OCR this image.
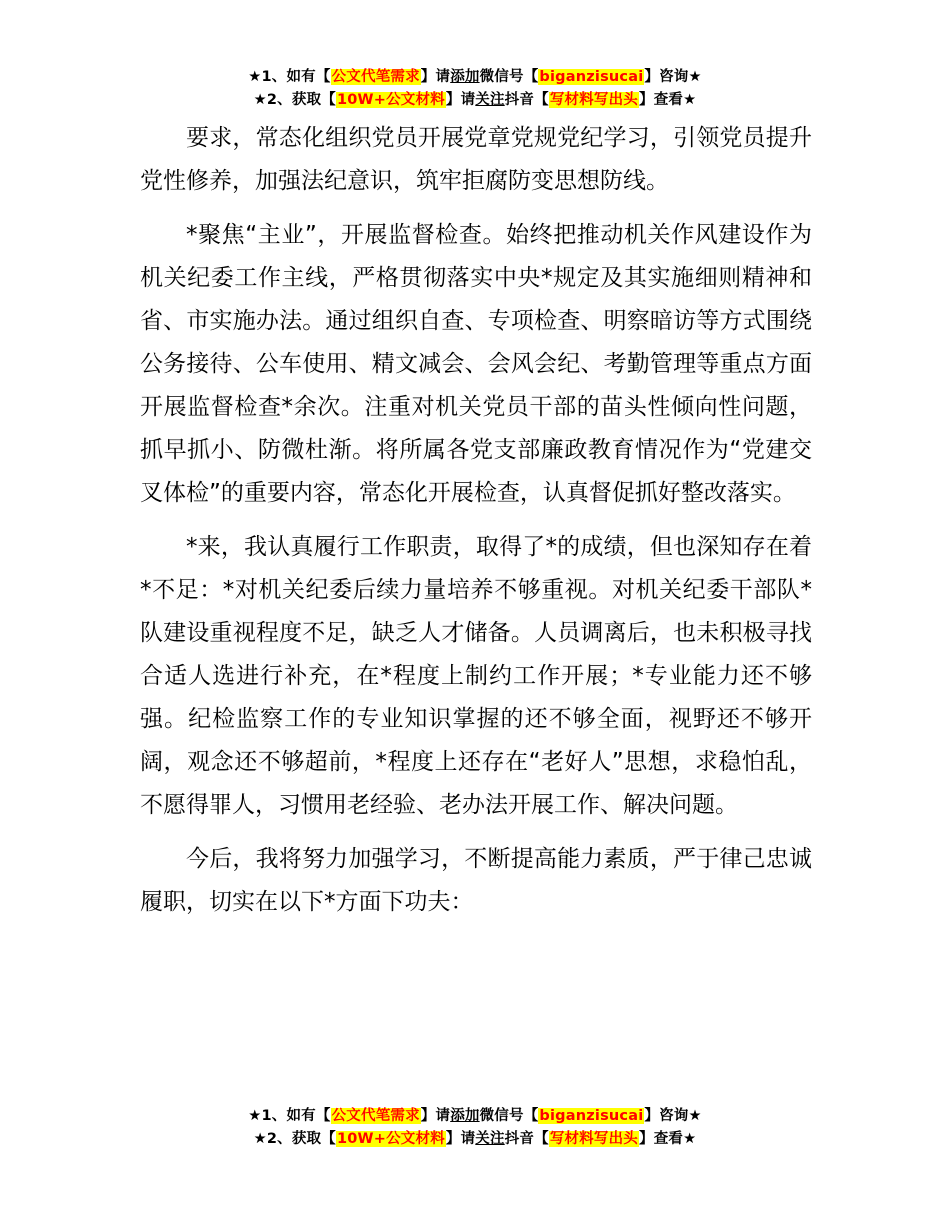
★1、如有【公文代笔需求】请添加微信号【biganzisucai】咨询★
★2、获取【10W+公文材料】请关注抖音【写材料写出头】查看★

要求，常态化组织党员开展党章党规党纪学习，引领党员提升党性修养，加强法纪意识，筑牢拒腐防变思想防线。

*聚焦“主业”，开展监督检查。始终把推动机关作风建设作为机关纪委工作主线，严格贯彻落实中央*规定及其实施细则精神和省、市实施办法。通过组织自查、专项检查、明察暗访等方式围绕公务接待、公车使用、精文减会、会风会纪、考勤管理等重点方面开展监督检查*余次。注重对机关党员干部的苗头性倾向性问题，抓早抓小、防微杜渐。将所属各党支部廉政教育情况作为“党建交叉体检”的重要内容，常态化开展检查，认真督促抓好整改落实。

*来，我认真履行工作职责，取得了*的成绩，但也深知存在着*不足：*对机关纪委后续力量培养不够重视。对机关纪委干部队*队建设重视程度不足，缺乏人才储备。人员调离后，也未积极寻找合适人选进行补充，在*程度上制约工作开展；*专业能力还不够强。纪检监察工作的专业知识掌握的还不够全面，视野还不够开阔，观念还不够超前，*程度上还存在“老好人”思想，求稳怕乱，不愿得罪人，习惯用老经验、老办法开展工作、解决问题。

今后，我将努力加强学习，不断提高能力素质，严于律己忠诚履职，切实在以下*方面下功夫：

★1、如有【公文代笔需求】请添加微信号【biganzisucai】咨询★
★2、获取【10W+公文材料】请关注抖音【写材料写出头】查看★
